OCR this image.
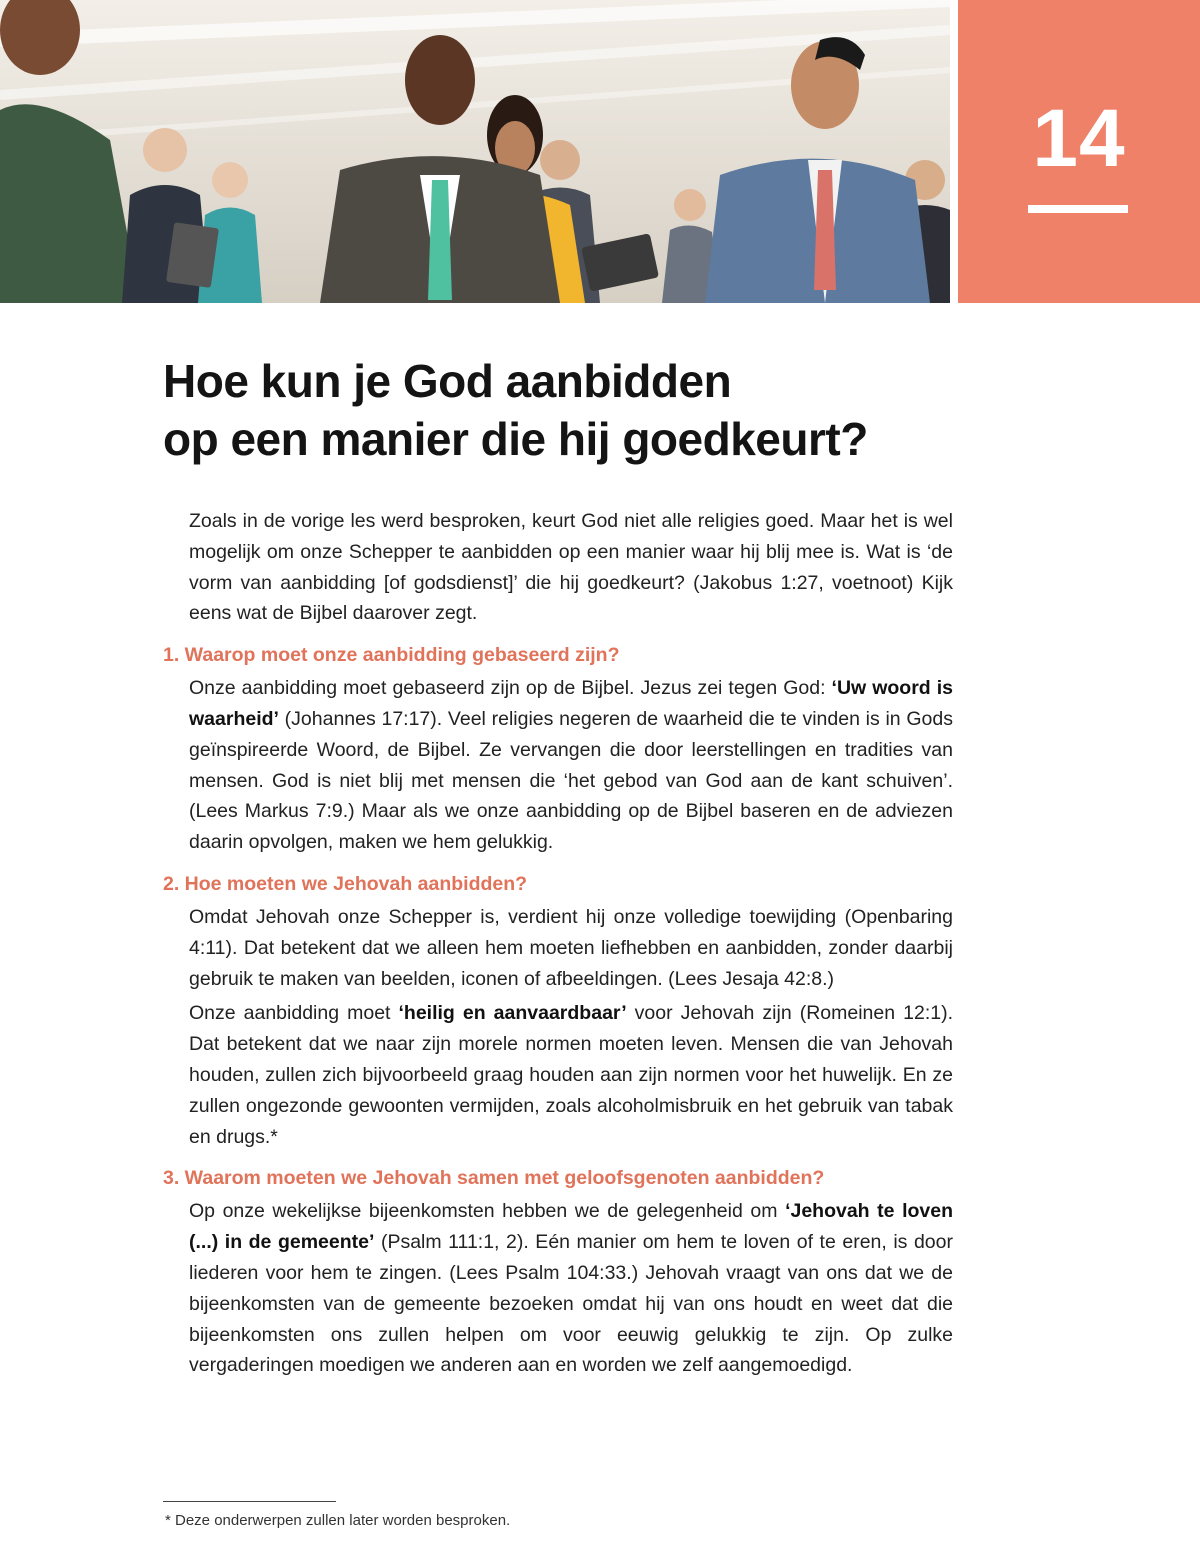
14
Hoe kun je God aanbidden
op een manier die hij goedkeurt?

Zoals in de vorige les werd besproken, keurt God niet alle religies goed. Maar het is wel mogelijk om onze Schepper te aanbidden op een manier waar hij blij mee is. Wat is ‘de vorm van aanbidding [of godsdienst]’ die hij goedkeurt? (Jakobus 1:27, voetnoot) Kijk eens wat de Bijbel daarover zegt.

1. Waarop moet onze aanbidding gebaseerd zijn?

Onze aanbidding moet gebaseerd zijn op de Bijbel. Jezus zei tegen God: ‘Uw woord is waarheid’ (Johannes 17:17). Veel religies negeren de waarheid die te vinden is in Gods geïnspireerde Woord, de Bijbel. Ze vervangen die door leerstellingen en tradities van mensen. God is niet blij met mensen die ‘het gebod van God aan de kant schuiven’. (Lees Markus 7:9.) Maar als we onze aanbidding op de Bijbel baseren en de adviezen daarin opvolgen, maken we hem gelukkig.

2. Hoe moeten we Jehovah aanbidden?

Omdat Jehovah onze Schepper is, verdient hij onze volledige toewijding (Openbaring 4:11). Dat betekent dat we alleen hem moeten liefhebben en aanbidden, zonder daarbij gebruik te maken van beelden, iconen of afbeeldingen. (Lees Jesaja 42:8.)

Onze aanbidding moet ‘heilig en aanvaardbaar’ voor Jehovah zijn (Romeinen 12:1). Dat betekent dat we naar zijn morele normen moeten leven. Mensen die van Jehovah houden, zullen zich bijvoorbeeld graag houden aan zijn normen voor het huwelijk. En ze zullen ongezonde gewoonten vermijden, zoals alcoholmisbruik en het gebruik van tabak en drugs.*

3. Waarom moeten we Jehovah samen met geloofsgenoten aanbidden?

Op onze wekelijkse bijeenkomsten hebben we de gelegenheid om ‘Jehovah te loven (...) in de gemeente’ (Psalm 111:1, 2). Eén manier om hem te loven of te eren, is door liederen voor hem te zingen. (Lees Psalm 104:33.) Jehovah vraagt van ons dat we de bijeenkomsten van de gemeente bezoeken omdat hij van ons houdt en weet dat die bijeenkomsten ons zullen helpen om voor eeuwig gelukkig te zijn. Op zulke vergaderingen moedigen we anderen aan en worden we zelf aangemoedigd.

* Deze onderwerpen zullen later worden besproken.
